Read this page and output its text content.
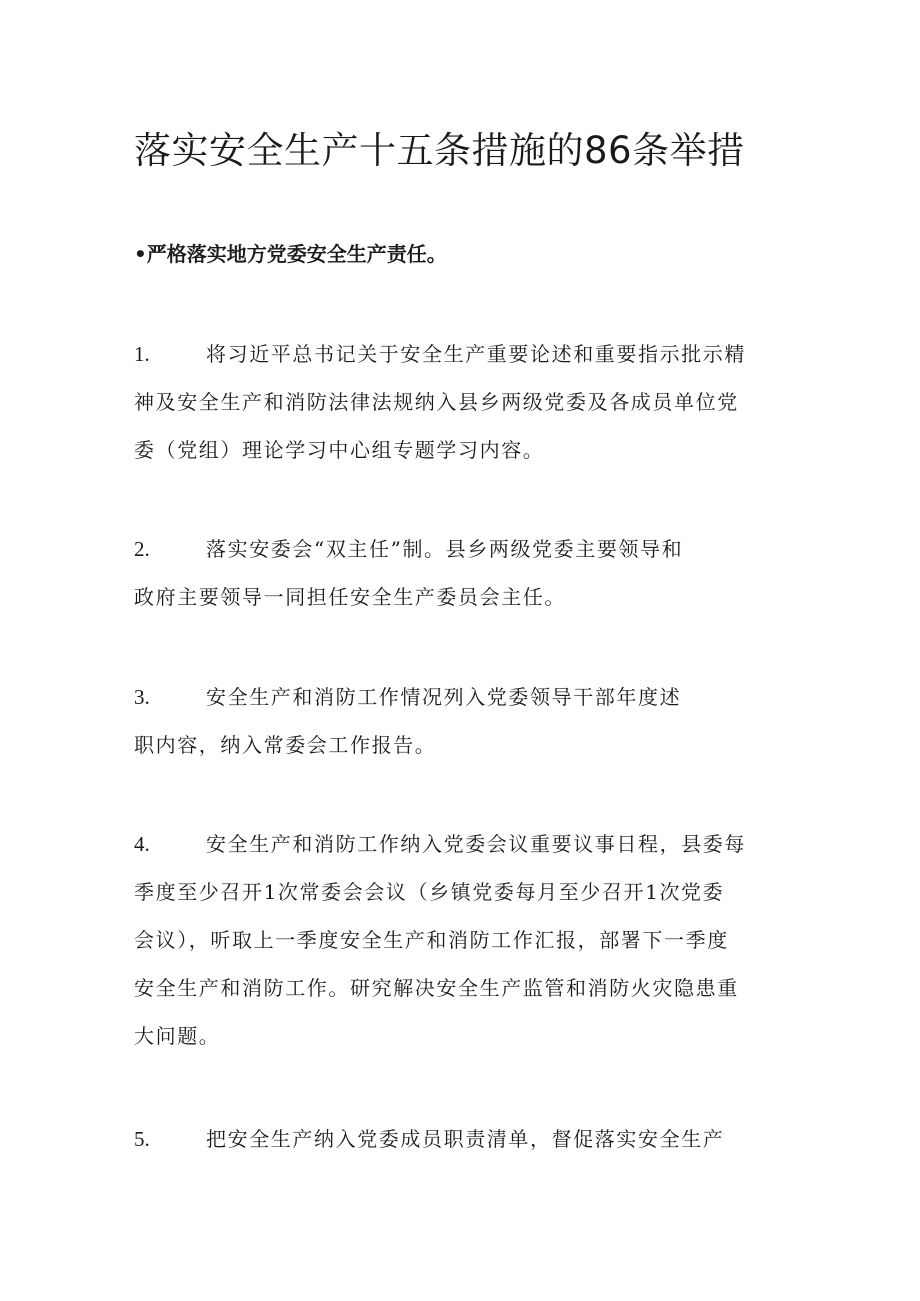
落实安全生产十五条措施的86条举措
•严格落实地方党委安全生产责任。
1.	将习近平总书记关于安全生产重要论述和重要指示批示精
神及安全生产和消防法律法规纳入县乡两级党委及各成员单位党
委（党组）理论学习中心组专题学习内容。
2.	落实安委会“双主任”制。县乡两级党委主要领导和
政府主要领导一同担任安全生产委员会主任。
3.	安全生产和消防工作情况列入党委领导干部年度述
职内容，纳入常委会工作报告。
4.	安全生产和消防工作纳入党委会议重要议事日程，县委每
季度至少召开1次常委会会议（乡镇党委每月至少召开1次党委
会议），听取上一季度安全生产和消防工作汇报，部署下一季度
安全生产和消防工作。研究解决安全生产监管和消防火灾隐患重
大问题。
5.	把安全生产纳入党委成员职责清单，督促落实安全生产
